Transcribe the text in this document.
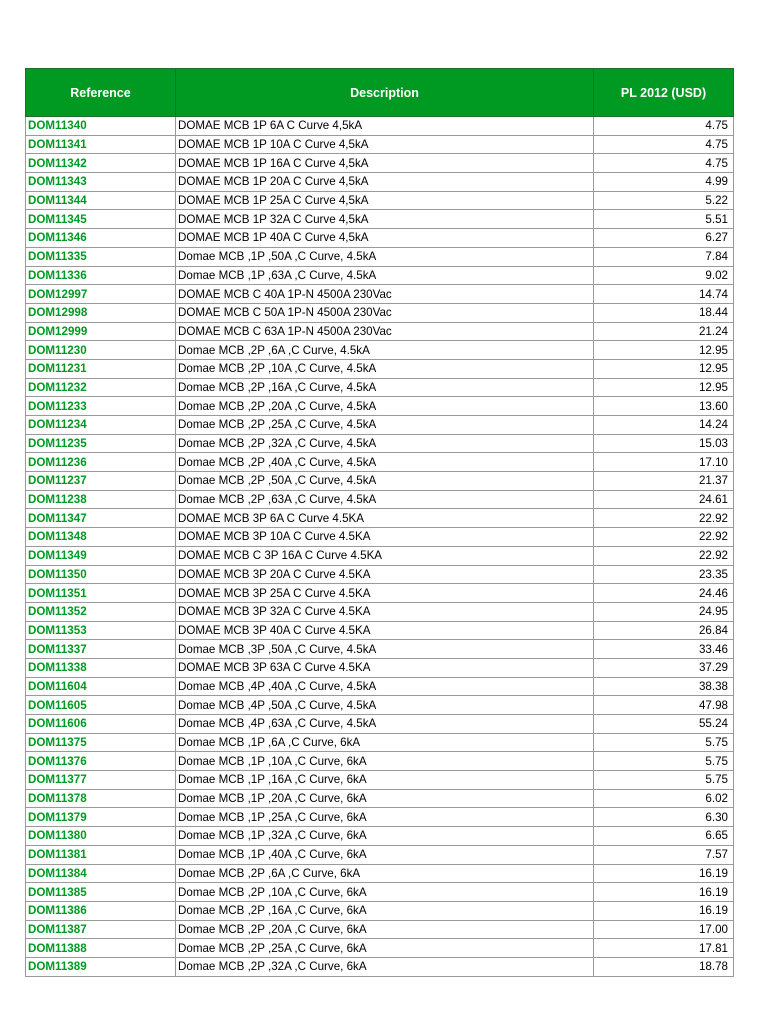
Reference	Description	PL 2012 (USD)
DOM11340	DOMAE MCB 1P 6A C Curve 4,5kA	4.75
DOM11341	DOMAE MCB 1P 10A C Curve 4,5kA	4.75
DOM11342	DOMAE MCB 1P 16A C Curve 4,5kA	4.75
DOM11343	DOMAE MCB 1P 20A C Curve 4,5kA	4.99
DOM11344	DOMAE MCB 1P 25A C Curve 4,5kA	5.22
DOM11345	DOMAE MCB 1P 32A C Curve 4,5kA	5.51
DOM11346	DOMAE MCB 1P 40A C Curve 4,5kA	6.27
DOM11335	Domae MCB ,1P ,50A ,C Curve, 4.5kA	7.84
DOM11336	Domae MCB ,1P ,63A ,C Curve, 4.5kA	9.02
DOM12997	DOMAE MCB C 40A 1P-N 4500A 230Vac	14.74
DOM12998	DOMAE MCB C 50A 1P-N 4500A 230Vac	18.44
DOM12999	DOMAE MCB C 63A 1P-N 4500A 230Vac	21.24
DOM11230	Domae MCB ,2P ,6A ,C Curve, 4.5kA	12.95
DOM11231	Domae MCB ,2P ,10A ,C Curve, 4.5kA	12.95
DOM11232	Domae MCB ,2P ,16A ,C Curve, 4.5kA	12.95
DOM11233	Domae MCB ,2P ,20A ,C Curve, 4.5kA	13.60
DOM11234	Domae MCB ,2P ,25A ,C Curve, 4.5kA	14.24
DOM11235	Domae MCB ,2P ,32A ,C Curve, 4.5kA	15.03
DOM11236	Domae MCB ,2P ,40A ,C Curve, 4.5kA	17.10
DOM11237	Domae MCB ,2P ,50A ,C Curve, 4.5kA	21.37
DOM11238	Domae MCB ,2P ,63A ,C Curve, 4.5kA	24.61
DOM11347	DOMAE MCB 3P 6A C Curve 4.5KA	22.92
DOM11348	DOMAE MCB 3P 10A C Curve 4.5KA	22.92
DOM11349	DOMAE MCB C 3P 16A C Curve 4.5KA	22.92
DOM11350	DOMAE MCB 3P 20A C Curve 4.5KA	23.35
DOM11351	DOMAE MCB 3P 25A C Curve 4.5KA	24.46
DOM11352	DOMAE MCB 3P 32A C Curve 4.5KA	24.95
DOM11353	DOMAE MCB 3P 40A C Curve 4.5KA	26.84
DOM11337	Domae MCB ,3P ,50A ,C Curve, 4.5kA	33.46
DOM11338	DOMAE MCB 3P 63A C Curve 4.5KA	37.29
DOM11604	Domae MCB ,4P ,40A ,C Curve, 4.5kA	38.38
DOM11605	Domae MCB ,4P ,50A ,C Curve, 4.5kA	47.98
DOM11606	Domae MCB ,4P ,63A ,C Curve, 4.5kA	55.24
DOM11375	Domae MCB ,1P ,6A ,C Curve, 6kA	5.75
DOM11376	Domae MCB ,1P ,10A ,C Curve, 6kA	5.75
DOM11377	Domae MCB ,1P ,16A ,C Curve, 6kA	5.75
DOM11378	Domae MCB ,1P ,20A ,C Curve, 6kA	6.02
DOM11379	Domae MCB ,1P ,25A ,C Curve, 6kA	6.30
DOM11380	Domae MCB ,1P ,32A ,C Curve, 6kA	6.65
DOM11381	Domae MCB ,1P ,40A ,C Curve, 6kA	7.57
DOM11384	Domae MCB ,2P ,6A ,C Curve, 6kA	16.19
DOM11385	Domae MCB ,2P ,10A ,C Curve, 6kA	16.19
DOM11386	Domae MCB ,2P ,16A ,C Curve, 6kA	16.19
DOM11387	Domae MCB ,2P ,20A ,C Curve, 6kA	17.00
DOM11388	Domae MCB ,2P ,25A ,C Curve, 6kA	17.81
DOM11389	Domae MCB ,2P ,32A ,C Curve, 6kA	18.78
